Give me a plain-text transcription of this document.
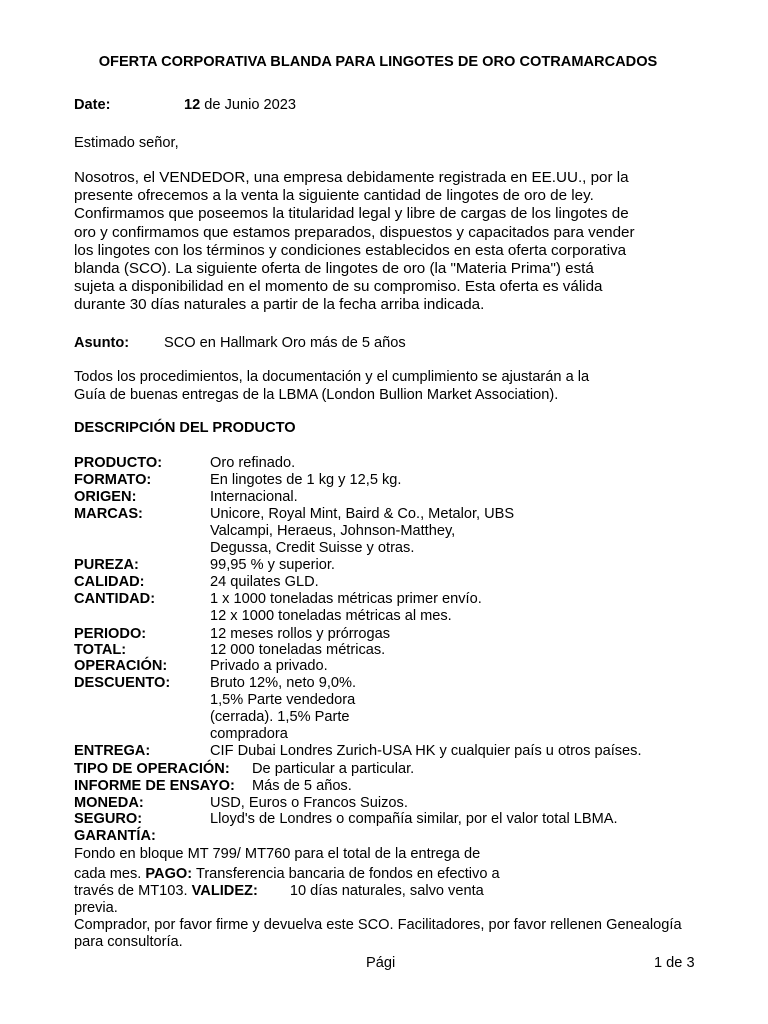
OFERTA CORPORATIVA BLANDA PARA LINGOTES DE ORO COTRAMARCADOS
Date:	12 de Junio 2023
Estimado señor,
Nosotros, el VENDEDOR, una empresa debidamente registrada en EE.UU., por la
presente ofrecemos a la venta la siguiente cantidad de lingotes de oro de ley.
Confirmamos que poseemos la titularidad legal y libre de cargas de los lingotes de
oro y confirmamos que estamos preparados, dispuestos y capacitados para vender
los lingotes con los términos y condiciones establecidos en esta oferta corporativa
blanda (SCO). La siguiente oferta de lingotes de oro (la "Materia Prima") está
sujeta a disponibilidad en el momento de su compromiso. Esta oferta es válida
durante 30 días naturales a partir de la fecha arriba indicada.
Asunto: SCO en Hallmark Oro más de 5 años
Todos los procedimientos, la documentación y el cumplimiento se ajustarán a la
Guía de buenas entregas de la LBMA (London Bullion Market Association).
DESCRIPCIÓN DEL PRODUCTO
PRODUCTO:	Oro refinado.
FORMATO:	En lingotes de 1 kg y 12,5 kg.
ORIGEN:	Internacional.
MARCAS:	Unicore, Royal Mint, Baird & Co., Metalor, UBS
Valcampi, Heraeus, Johnson-Matthey,
Degussa, Credit Suisse y otras.
PUREZA:	99,95 % y superior.
CALIDAD:	24 quilates GLD.
CANTIDAD:	1 x 1000 toneladas métricas primer envío.
12 x 1000 toneladas métricas al mes.
PERIODO:	12 meses rollos y prórrogas
TOTAL:	12 000 toneladas métricas.
OPERACIÓN:	Privado a privado.
DESCUENTO:	Bruto 12%, neto 9,0%.
1,5% Parte vendedora
(cerrada). 1,5% Parte
compradora
ENTREGA:	CIF Dubai Londres Zurich-USA HK y cualquier país u otros países.
TIPO DE OPERACIÓN: De particular a particular.
INFORME DE ENSAYO: Más de 5 años.
MONEDA:	USD, Euros o Francos Suizos.
SEGURO:	Lloyd's de Londres o compañía similar, por el valor total LBMA.
GARANTÍA:
Fondo en bloque MT 799/ MT760 para el total de la entrega de
cada mes. PAGO: Transferencia bancaria de fondos en efectivo a
través de MT103. VALIDEZ: 10 días naturales, salvo venta
previa.
Comprador, por favor firme y devuelva este SCO. Facilitadores, por favor rellenen Genealogía
para consultoría.
Pági	1 de 3
